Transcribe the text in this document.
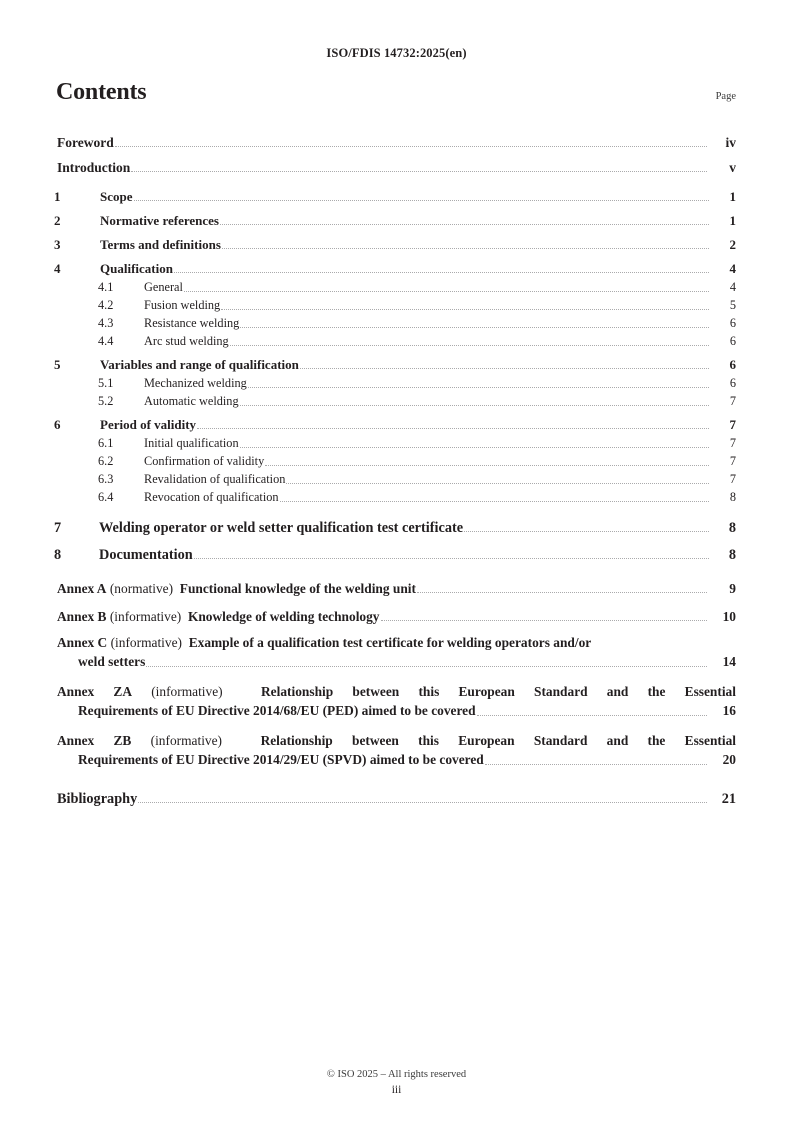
ISO/FDIS 14732:2025(en)
Contents	Page
Foreword	iv
Introduction	v
1	Scope	1
2	Normative references	1
3	Terms and definitions	2
4	Qualification	4
4.1	General	4
4.2	Fusion welding	5
4.3	Resistance welding	6
4.4	Arc stud welding	6
5	Variables and range of qualification	6
5.1	Mechanized welding	6
5.2	Automatic welding	7
6	Period of validity	7
6.1	Initial qualification	7
6.2	Confirmation of validity	7
6.3	Revalidation of qualification	7
6.4	Revocation of qualification	8
7	Welding operator or weld setter qualification test certificate	8
8	Documentation	8
Annex A (normative) Functional knowledge of the welding unit	9
Annex B (informative) Knowledge of welding technology	10
Annex C (informative) Example of a qualification test certificate for welding operators and/or
weld setters	14
Annex ZA (informative)	Relationship between this European Standard and the Essential
Requirements of EU Directive 2014/68/EU (PED) aimed to be covered	16
Annex ZB (informative)	Relationship between this European Standard and the Essential
Requirements of EU Directive 2014/29/EU (SPVD) aimed to be covered	20
Bibliography	21
© ISO 2025 – All rights reserved
iii
